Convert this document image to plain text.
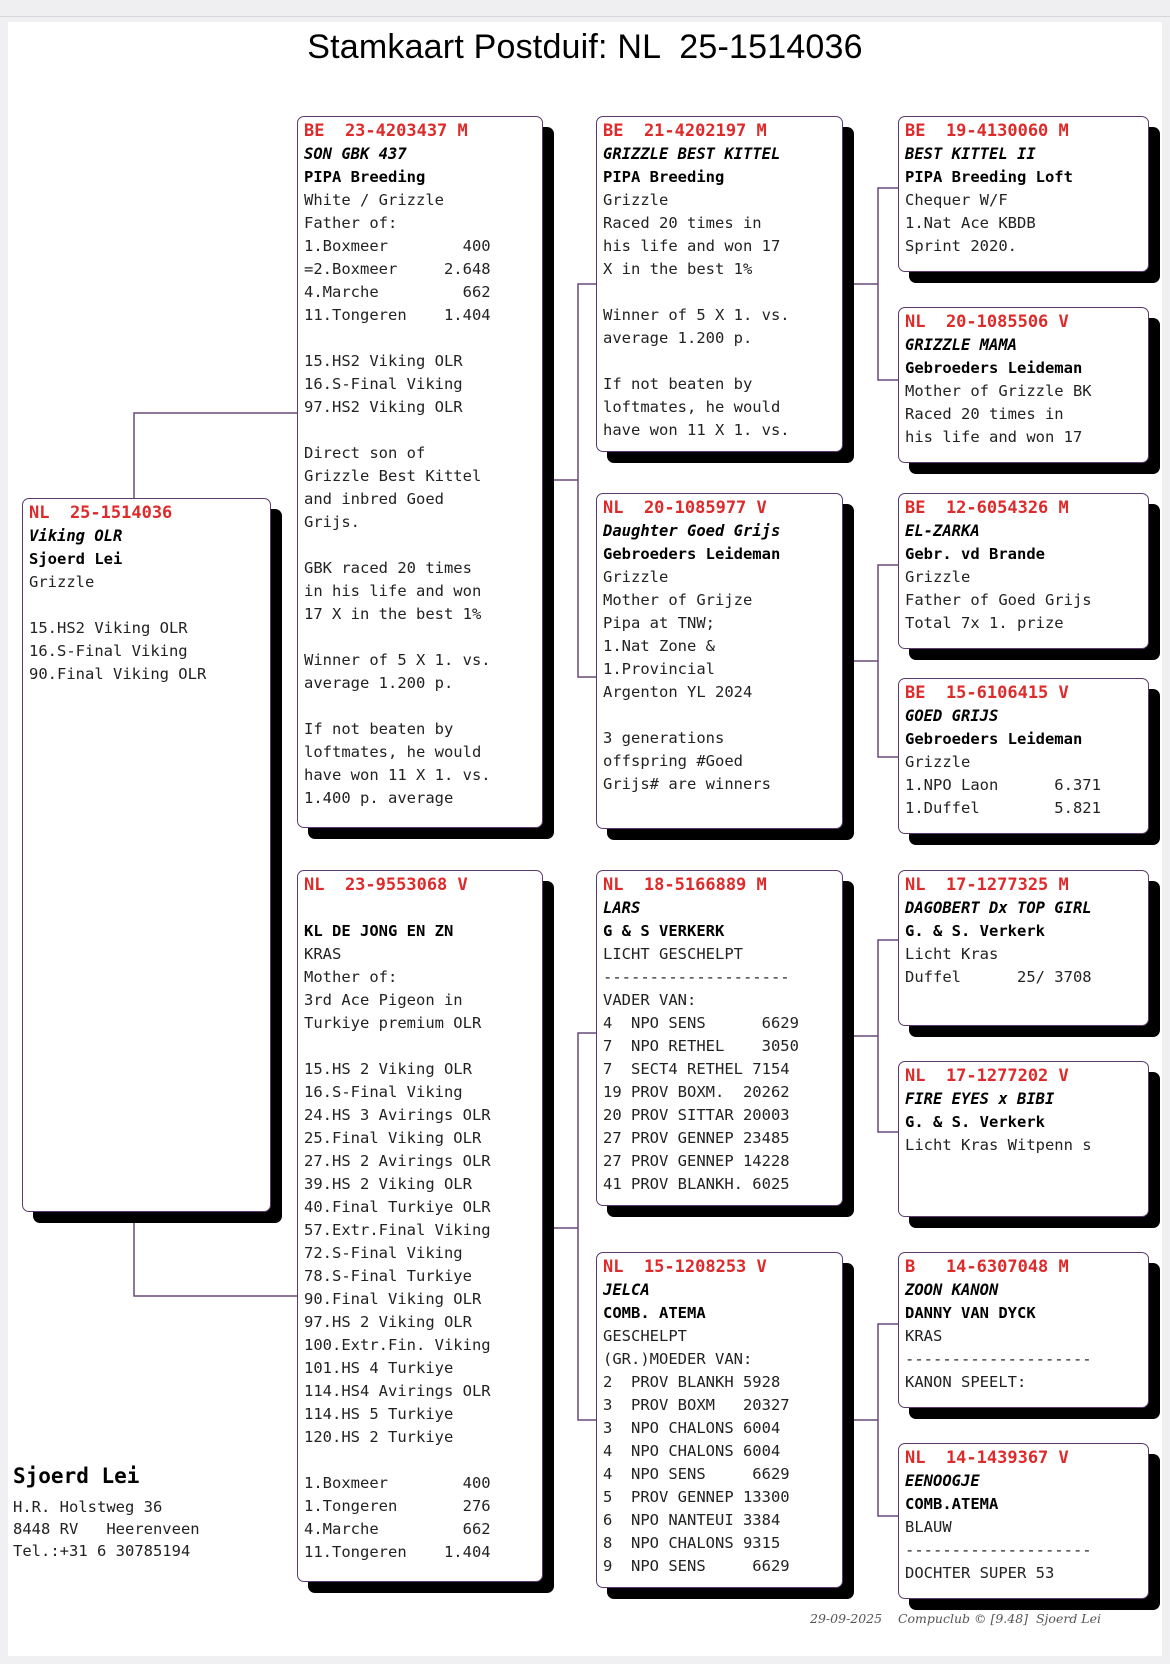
Stamkaart Postduif: NL  25-1514036
NL  25-1514036
Viking OLR
Sjoerd Lei
Grizzle
15.HS2 Viking OLR
16.S-Final Viking
90.Final Viking OLR
BE  23-4203437 M
SON GBK 437
PIPA Breeding
White / Grizzle
Father of:
1.Boxmeer        400
=2.Boxmeer     2.648
4.Marche         662
11.Tongeren    1.404
15.HS2 Viking OLR
16.S-Final Viking
97.HS2 Viking OLR
Direct son of
Grizzle Best Kittel
and inbred Goed
Grijs.
GBK raced 20 times
in his life and won
17 X in the best 1%
Winner of 5 X 1. vs.
average 1.200 p.
If not beaten by
loftmates, he would
have won 11 X 1. vs.
1.400 p. average
NL  23-9553068 V
KL DE JONG EN ZN
KRAS
Mother of:
3rd Ace Pigeon in
Turkiye premium OLR
15.HS 2 Viking OLR
16.S-Final Viking
24.HS 3 Avirings OLR
25.Final Viking OLR
27.HS 2 Avirings OLR
39.HS 2 Viking OLR
40.Final Turkiye OLR
57.Extr.Final Viking
72.S-Final Viking
78.S-Final Turkiye
90.Final Viking OLR
97.HS 2 Viking OLR
100.Extr.Fin. Viking
101.HS 4 Turkiye
114.HS4 Avirings OLR
114.HS 5 Turkiye
120.HS 2 Turkiye
1.Boxmeer        400
1.Tongeren       276
4.Marche         662
11.Tongeren    1.404
BE  21-4202197 M
GRIZZLE BEST KITTEL
PIPA Breeding
Grizzle
Raced 20 times in
his life and won 17
X in the best 1%
Winner of 5 X 1. vs.
average 1.200 p.
If not beaten by
loftmates, he would
have won 11 X 1. vs.
NL  20-1085977 V
Daughter Goed Grijs
Gebroeders Leideman
Grizzle
Mother of Grijze
Pipa at TNW;
1.Nat Zone &
1.Provincial
Argenton YL 2024
3 generations
offspring #Goed
Grijs# are winners
NL  18-5166889 M
LARS
G & S VERKERK
LICHT GESCHELPT
--------------------
VADER VAN:
4  NPO SENS      6629
7  NPO RETHEL    3050
7  SECT4 RETHEL 7154
19 PROV BOXM.  20262
20 PROV SITTAR 20003
27 PROV GENNEP 23485
27 PROV GENNEP 14228
41 PROV BLANKH. 6025
NL  15-1208253 V
JELCA
COMB. ATEMA
GESCHELPT
(GR.)MOEDER VAN:
2  PROV BLANKH 5928
3  PROV BOXM   20327
3  NPO CHALONS 6004
4  NPO CHALONS 6004
4  NPO SENS     6629
5  PROV GENNEP 13300
6  NPO NANTEUI 3384
8  NPO CHALONS 9315
9  NPO SENS     6629
BE  19-4130060 M
BEST KITTEL II
PIPA Breeding Loft
Chequer W/F
1.Nat Ace KBDB
Sprint 2020.
NL  20-1085506 V
GRIZZLE MAMA
Gebroeders Leideman
Mother of Grizzle BK
Raced 20 times in
his life and won 17
BE  12-6054326 M
EL-ZARKA
Gebr. vd Brande
Grizzle
Father of Goed Grijs
Total 7x 1. prize
BE  15-6106415 V
GOED GRIJS
Gebroeders Leideman
Grizzle
1.NPO Laon      6.371
1.Duffel        5.821
NL  17-1277325 M
DAGOBERT Dx TOP GIRL
G. & S. Verkerk
Licht Kras
Duffel      25/ 3708
NL  17-1277202 V
FIRE EYES x BIBI
G. & S. Verkerk
Licht Kras Witpenn s
B   14-6307048 M
ZOON KANON
DANNY VAN DYCK
KRAS
--------------------
KANON SPEELT:
NL  14-1439367 V
EENOOGJE
COMB.ATEMA
BLAUW
--------------------
DOCHTER SUPER 53
Sjoerd Lei
H.R. Holstweg 36
8448 RV   Heerenveen
Tel.:+31 6 30785194
29-09-2025    Compuclub © [9.48]  Sjoerd Lei
